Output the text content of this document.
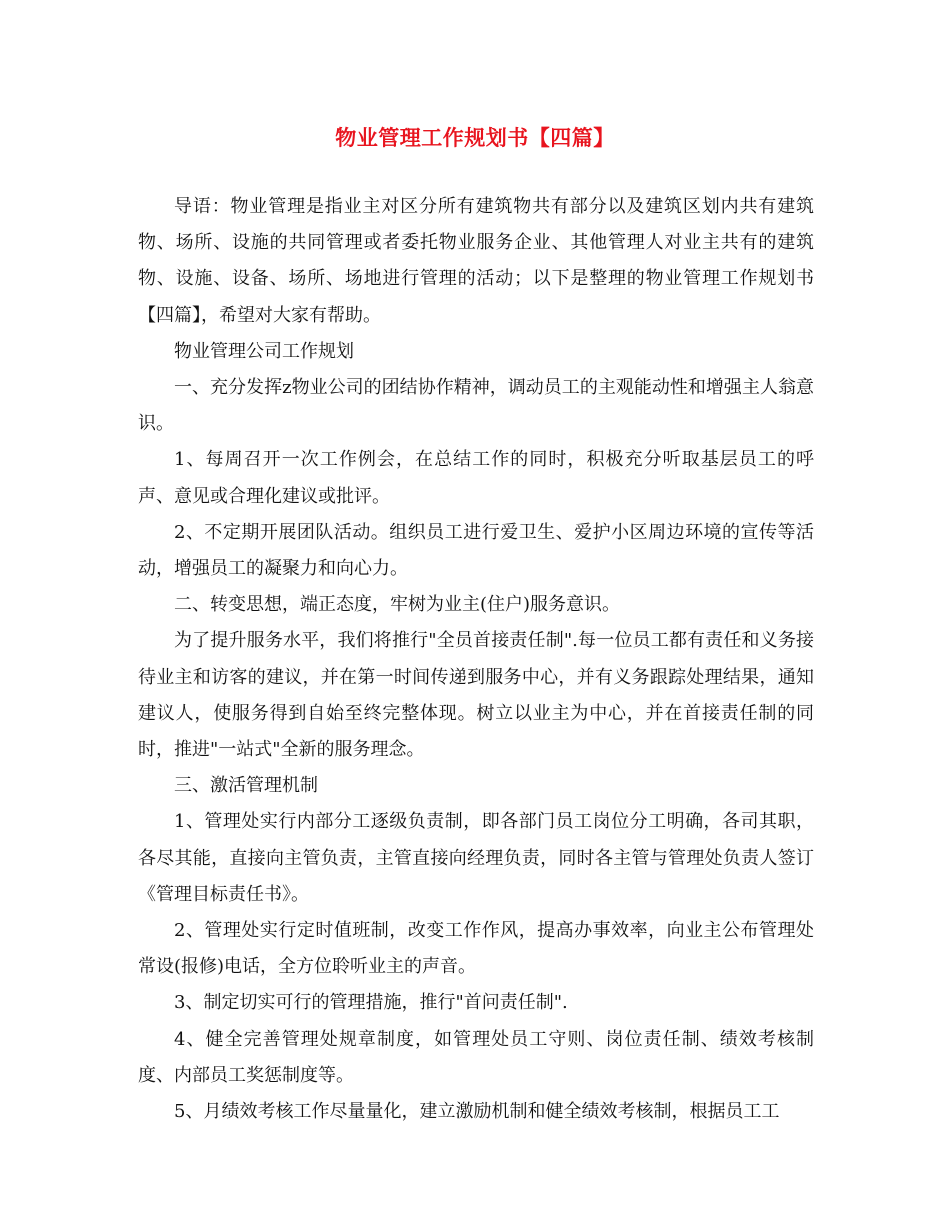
物业管理工作规划书【四篇】

导语：物业管理是指业主对区分所有建筑物共有部分以及建筑区划内共有建筑物、场所、设施的共同管理或者委托物业服务企业、其他管理人对业主共有的建筑物、设施、设备、场所、场地进行管理的活动；以下是整理的物业管理工作规划书【四篇】，希望对大家有帮助。

物业管理公司工作规划

一、充分发挥z物业公司的团结协作精神，调动员工的主观能动性和增强主人翁意识。

1、每周召开一次工作例会，在总结工作的同时，积极充分听取基层员工的呼声、意见或合理化建议或批评。

2、不定期开展团队活动。组织员工进行爱卫生、爱护小区周边环境的宣传等活动，增强员工的凝聚力和向心力。

二、转变思想，端正态度，牢树为业主(住户)服务意识。

为了提升服务水平，我们将推行"全员首接责任制".每一位员工都有责任和义务接待业主和访客的建议，并在第一时间传递到服务中心，并有义务跟踪处理结果，通知建议人，使服务得到自始至终完整体现。树立以业主为中心，并在首接责任制的同时，推进"一站式"全新的服务理念。

三、激活管理机制

1、管理处实行内部分工逐级负责制，即各部门员工岗位分工明确，各司其职，各尽其能，直接向主管负责，主管直接向经理负责，同时各主管与管理处负责人签订《管理目标责任书》。

2、管理处实行定时值班制，改变工作作风，提高办事效率，向业主公布管理处常设(报修)电话，全方位聆听业主的声音。

3、制定切实可行的管理措施，推行"首问责任制".

4、健全完善管理处规章制度，如管理处员工守则、岗位责任制、绩效考核制度、内部员工奖惩制度等。

5、月绩效考核工作尽量量化，建立激励机制和健全绩效考核制，根据员工工
